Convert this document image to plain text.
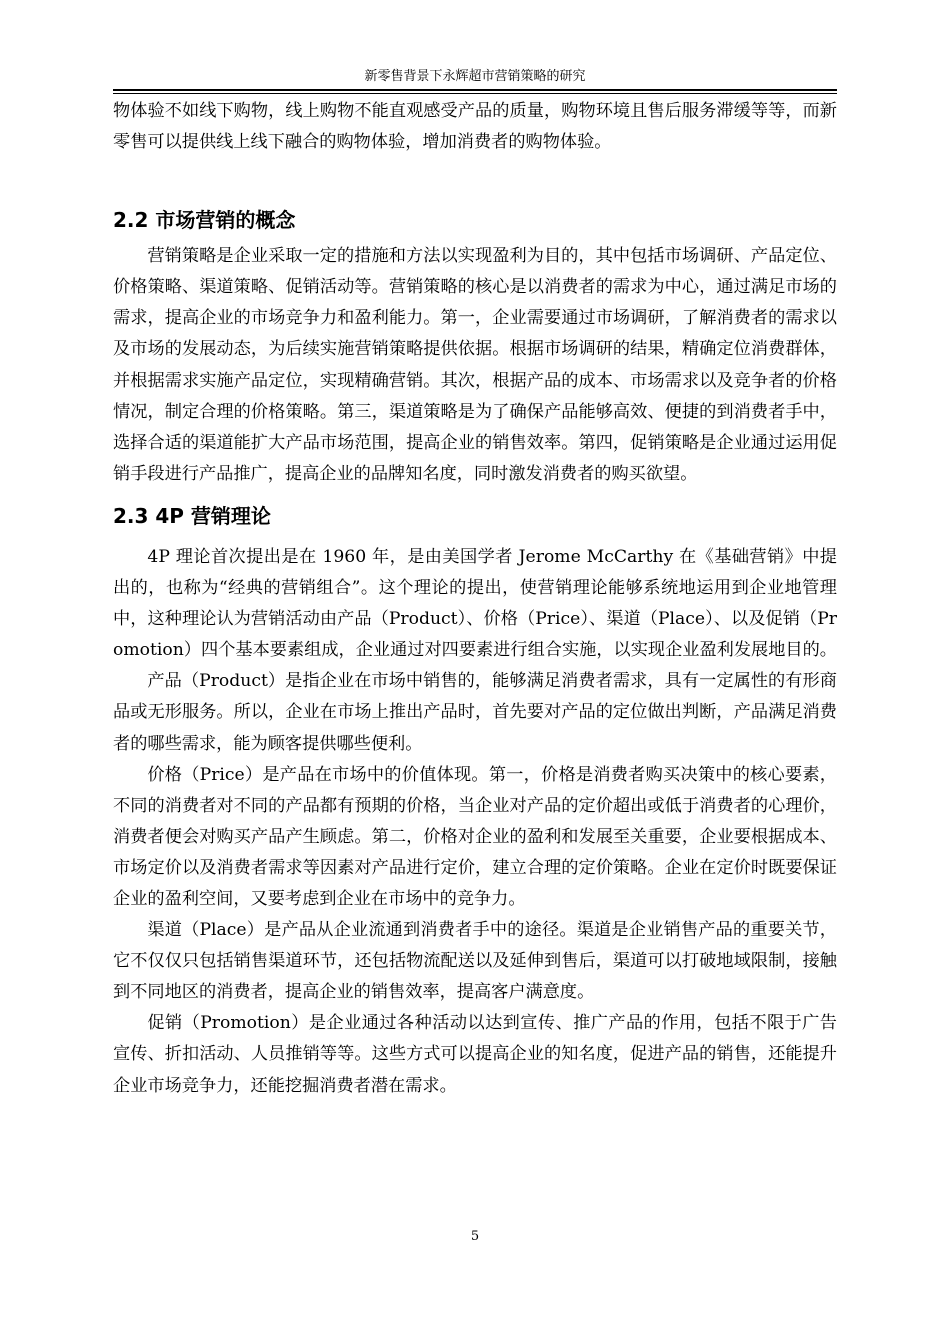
新零售背景下永辉超市营销策略的研究

物体验不如线下购物，线上购物不能直观感受产品的质量，购物环境且售后服务滞缓等等，而新零售可以提供线上线下融合的购物体验，增加消费者的购物体验。

2.2 市场营销的概念

营销策略是企业采取一定的措施和方法以实现盈利为目的，其中包括市场调研、产品定位、价格策略、渠道策略、促销活动等。营销策略的核心是以消费者的需求为中心，通过满足市场的需求，提高企业的市场竞争力和盈利能力。第一，企业需要通过市场调研，了解消费者的需求以及市场的发展动态，为后续实施营销策略提供依据。根据市场调研的结果，精确定位消费群体，并根据需求实施产品定位，实现精确营销。其次，根据产品的成本、市场需求以及竞争者的价格情况，制定合理的价格策略。第三，渠道策略是为了确保产品能够高效、便捷的到消费者手中，选择合适的渠道能扩大产品市场范围，提高企业的销售效率。第四，促销策略是企业通过运用促销手段进行产品推广，提高企业的品牌知名度，同时激发消费者的购买欲望。

2.3 4P 营销理论

4P 理论首次提出是在 1960 年，是由美国学者 Jerome McCarthy 在《基础营销》中提出的，也称为“经典的营销组合”。这个理论的提出，使营销理论能够系统地运用到企业地管理中，这种理论认为营销活动由产品（Product）、价格（Price）、渠道（Place）、以及促销（Promotion）四个基本要素组成，企业通过对四要素进行组合实施，以实现企业盈利发展地目的。

产品（Product）是指企业在市场中销售的，能够满足消费者需求，具有一定属性的有形商品或无形服务。所以，企业在市场上推出产品时，首先要对产品的定位做出判断，产品满足消费者的哪些需求，能为顾客提供哪些便利。

价格（Price）是产品在市场中的价值体现。第一，价格是消费者购买决策中的核心要素，不同的消费者对不同的产品都有预期的价格，当企业对产品的定价超出或低于消费者的心理价，消费者便会对购买产品产生顾虑。第二，价格对企业的盈利和发展至关重要，企业要根据成本、市场定价以及消费者需求等因素对产品进行定价，建立合理的定价策略。企业在定价时既要保证企业的盈利空间，又要考虑到企业在市场中的竞争力。

渠道（Place）是产品从企业流通到消费者手中的途径。渠道是企业销售产品的重要关节，它不仅仅只包括销售渠道环节，还包括物流配送以及延伸到售后，渠道可以打破地域限制，接触到不同地区的消费者，提高企业的销售效率，提高客户满意度。

促销（Promotion）是企业通过各种活动以达到宣传、推广产品的作用，包括不限于广告宣传、折扣活动、人员推销等等。这些方式可以提高企业的知名度，促进产品的销售，还能提升企业市场竞争力，还能挖掘消费者潜在需求。

5
